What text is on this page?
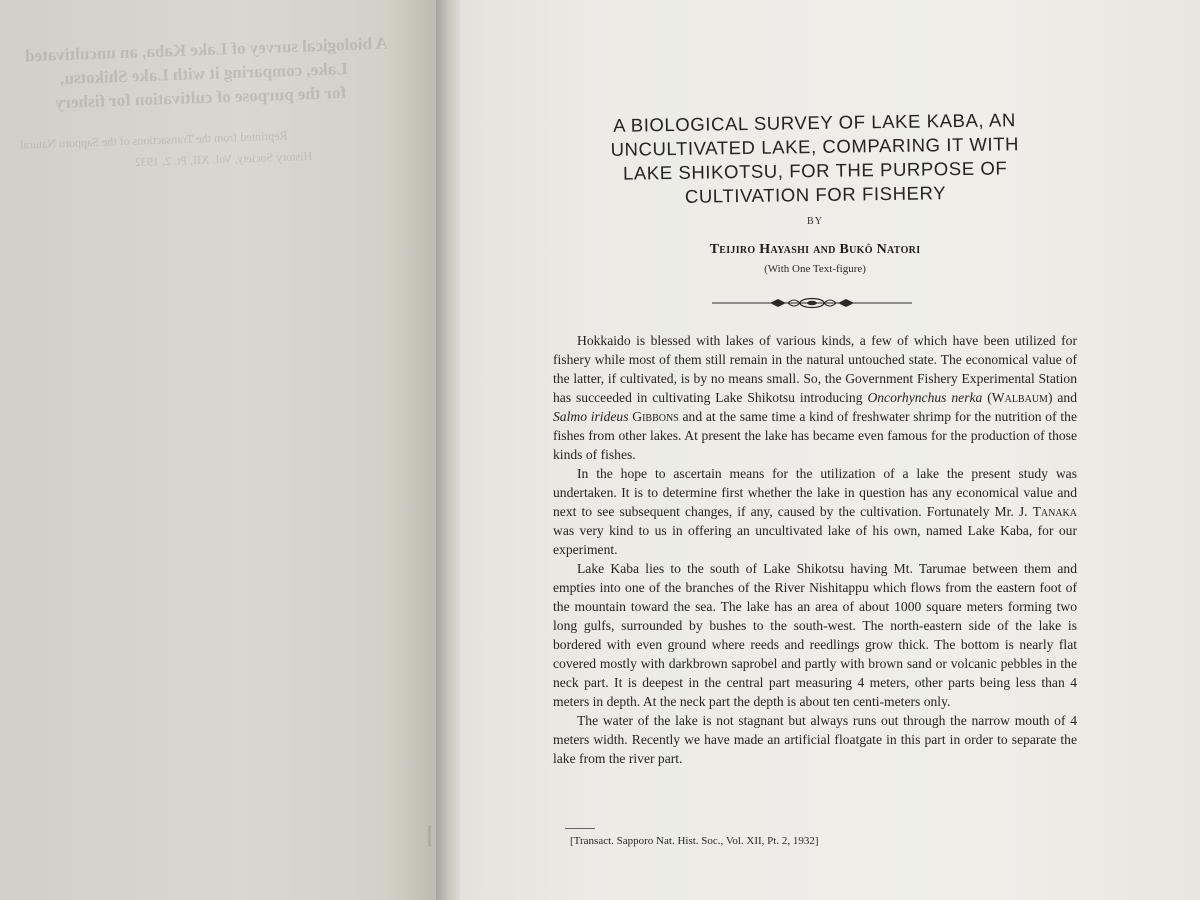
A biological survey of Lake Kaba, an uncultivated
Lake, comparing it with Lake Shikotsu,
for the purpose of cultivation for fishery
Reprinted from the Transactions of the Sapporo Natural
History Society, Vol. XII, Pt. 2, 1932
A BIOLOGICAL SURVEY OF LAKE KABA, AN
UNCULTIVATED LAKE, COMPARING IT WITH
LAKE SHIKOTSU, FOR THE PURPOSE OF
CULTIVATION FOR FISHERY
BY
Teijiro Hayashi and Bukô Natori
(With One Text-figure)

Hokkaido is blessed with lakes of various kinds, a few of which have been utilized for fishery while most of them still remain in the natural untouched state. The economical value of the latter, if cultivated, is by no means small. So, the Government Fishery Experimental Station has succeeded in cultivating Lake Shikotsu introducing Oncorhynchus nerka (Walbaum) and Salmo irideus Gibbons and at the same time a kind of freshwater shrimp for the nutrition of the fishes from other lakes. At present the lake has became even famous for the production of those kinds of fishes.

In the hope to ascertain means for the utilization of a lake the present study was undertaken. It is to determine first whether the lake in question has any economical value and next to see subsequent changes, if any, caused by the cultivation. Fortunately Mr. J. Tanaka was very kind to us in offering an uncultivated lake of his own, named Lake Kaba, for our experiment.

Lake Kaba lies to the south of Lake Shikotsu having Mt. Tarumae between them and empties into one of the branches of the River Nishitappu which flows from the eastern foot of the mountain toward the sea. The lake has an area of about 1000 square meters forming two long gulfs, surrounded by bushes to the south-west. The north-eastern side of the lake is bordered with even ground where reeds and reedlings grow thick. The bottom is nearly flat covered mostly with darkbrown saprobel and partly with brown sand or volcanic pebbles in the neck part. It is deepest in the central part measuring 4 meters, other parts being less than 4 meters in depth. At the neck part the depth is about ten centi-meters only.

The water of the lake is not stagnant but always runs out through the narrow mouth of 4 meters width. Recently we have made an artificial floatgate in this part in order to separate the lake from the river part.

[Transact. Sapporo Nat. Hist. Soc., Vol. XII, Pt. 2, 1932]
